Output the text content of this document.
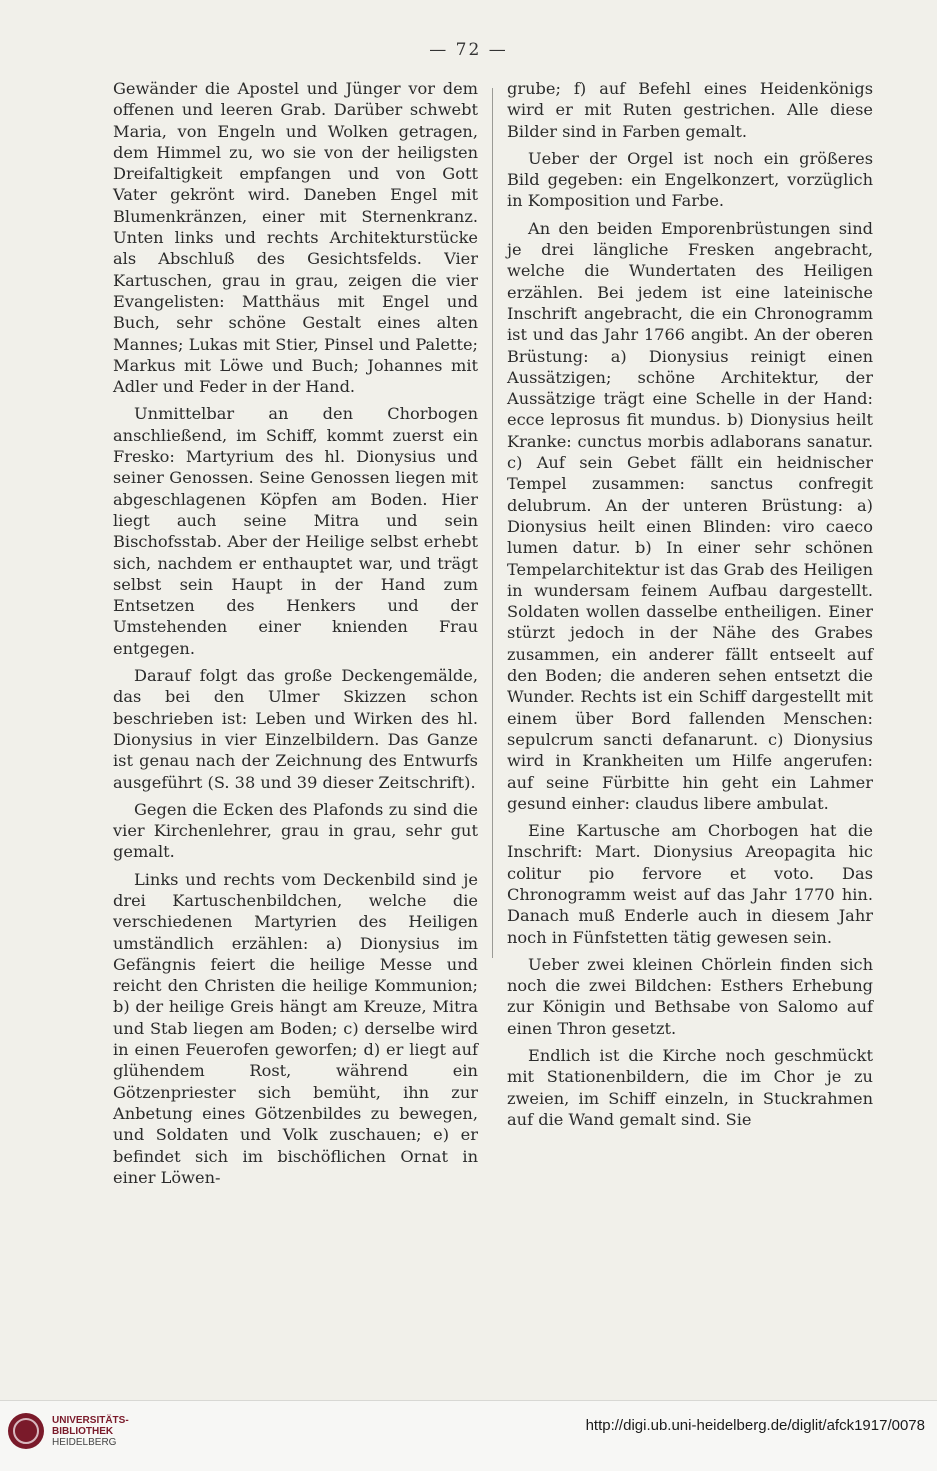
— 72 —

Gewänder die Apostel und Jünger vor dem offenen und leeren Grab. Darüber schwebt Maria, von Engeln und Wolken getragen, dem Himmel zu, wo sie von der heiligsten Dreifaltigkeit empfangen und von Gott Vater gekrönt wird. Daneben Engel mit Blumenkränzen, einer mit Sternenkranz. Unten links und rechts Architekturstücke als Abschluß des Gesichtsfelds. Vier Kartuschen, grau in grau, zeigen die vier Evangelisten: Matthäus mit Engel und Buch, sehr schöne Gestalt eines alten Mannes; Lukas mit Stier, Pinsel und Palette; Markus mit Löwe und Buch; Johannes mit Adler und Feder in der Hand.

Unmittelbar an den Chorbogen anschließend, im Schiff, kommt zuerst ein Fresko: Martyrium des hl. Dionysius und seiner Genossen. Seine Genossen liegen mit abgeschlagenen Köpfen am Boden. Hier liegt auch seine Mitra und sein Bischofsstab. Aber der Heilige selbst erhebt sich, nachdem er enthauptet war, und trägt selbst sein Haupt in der Hand zum Entsetzen des Henkers und der Umstehenden einer knienden Frau entgegen.

Darauf folgt das große Deckengemälde, das bei den Ulmer Skizzen schon beschrieben ist: Leben und Wirken des hl. Dionysius in vier Einzelbildern. Das Ganze ist genau nach der Zeichnung des Entwurfs ausgeführt (S. 38 und 39 dieser Zeitschrift).

Gegen die Ecken des Plafonds zu sind die vier Kirchenlehrer, grau in grau, sehr gut gemalt.

Links und rechts vom Deckenbild sind je drei Kartuschenbildchen, welche die verschiedenen Martyrien des Heiligen umständlich erzählen: a) Dionysius im Gefängnis feiert die heilige Messe und reicht den Christen die heilige Kommunion; b) der heilige Greis hängt am Kreuze, Mitra und Stab liegen am Boden; c) derselbe wird in einen Feuerofen geworfen; d) er liegt auf glühendem Rost, während ein Götzenpriester sich bemüht, ihn zur Anbetung eines Götzenbildes zu bewegen, und Soldaten und Volk zuschauen; e) er befindet sich im bischöflichen Ornat in einer Löwen-

grube; f) auf Befehl eines Heidenkönigs wird er mit Ruten gestrichen. Alle diese Bilder sind in Farben gemalt.

Ueber der Orgel ist noch ein größeres Bild gegeben: ein Engelkonzert, vorzüglich in Komposition und Farbe.

An den beiden Emporenbrüstungen sind je drei längliche Fresken angebracht, welche die Wundertaten des Heiligen erzählen. Bei jedem ist eine lateinische Inschrift angebracht, die ein Chronogramm ist und das Jahr 1766 angibt. An der oberen Brüstung: a) Dionysius reinigt einen Aussätzigen; schöne Architektur, der Aussätzige trägt eine Schelle in der Hand: ecce leprosus fit mundus. b) Dionysius heilt Kranke: cunctus morbis adlaborans sanatur. c) Auf sein Gebet fällt ein heidnischer Tempel zusammen: sanctus confregit delubrum. An der unteren Brüstung: a) Dionysius heilt einen Blinden: viro caeco lumen datur. b) In einer sehr schönen Tempelarchitektur ist das Grab des Heiligen in wundersam feinem Aufbau dargestellt. Soldaten wollen dasselbe entheiligen. Einer stürzt jedoch in der Nähe des Grabes zusammen, ein anderer fällt entseelt auf den Boden; die anderen sehen entsetzt die Wunder. Rechts ist ein Schiff dargestellt mit einem über Bord fallenden Menschen: sepulcrum sancti defanarunt. c) Dionysius wird in Krankheiten um Hilfe angerufen: auf seine Fürbitte hin geht ein Lahmer gesund einher: claudus libere ambulat.

Eine Kartusche am Chorbogen hat die Inschrift: Mart. Dionysius Areopagita hic colitur pio fervore et voto. Das Chronogramm weist auf das Jahr 1770 hin. Danach muß Enderle auch in diesem Jahr noch in Fünfstetten tätig gewesen sein.

Ueber zwei kleinen Chörlein finden sich noch die zwei Bildchen: Esthers Erhebung zur Königin und Bethsabe von Salomo auf einen Thron gesetzt.

Endlich ist die Kirche noch geschmückt mit Stationenbildern, die im Chor je zu zweien, im Schiff einzeln, in Stuckrahmen auf die Wand gemalt sind. Sie

UNIVERSITÄTS-
BIBLIOTHEK
HEIDELBERG
http://digi.ub.uni-heidelberg.de/diglit/afck1917/0078
